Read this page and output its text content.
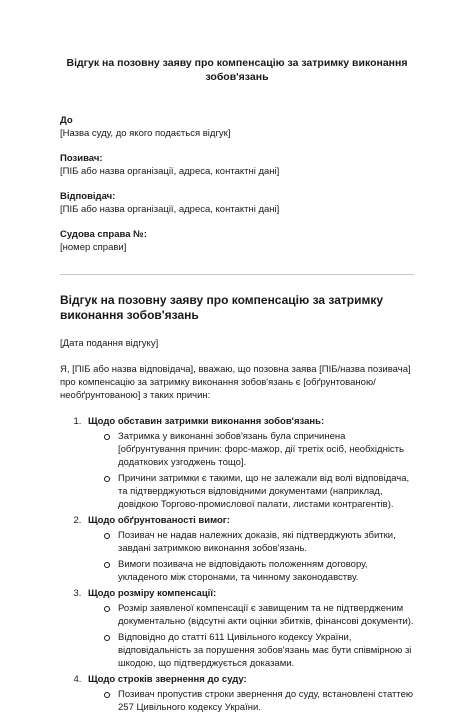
Відгук на позовну заяву про компенсацію за затримку виконання зобов'язань

До

[Назва суду, до якого подається відгук]

Позивач:

[ПІБ або назва організації, адреса, контактні дані]

Відповідач:

[ПІБ або назва організації, адреса, контактні дані]

Судова справа №:

[номер справи]

Відгук на позовну заяву про компенсацію за затримку виконання зобов'язань

[Дата подання відгуку]

Я, [ПІБ або назва відповідача], вважаю, що позовна заява [ПІБ/назва позивача] про компенсацію за затримку виконання зобов'язань є [обґрунтованою/необґрунтованою] з таких причин:

1. Щодо обставин затримки виконання зобов'язань:
Затримка у виконанні зобов'язань була спричинена [обґрунтування причин: форс-мажор, дії третіх осіб, необхідність додаткових узгоджень тощо].
Причини затримки є такими, що не залежали від волі відповідача, та підтверджуються відповідними документами (наприклад, довідкою Торгово-промислової палати, листами контрагентів).
2. Щодо обґрунтованості вимог:
Позивач не надав належних доказів, які підтверджують збитки, завдані затримкою виконання зобов'язань.
Вимоги позивача не відповідають положенням договору, укладеного між сторонами, та чинному законодавству.
3. Щодо розміру компенсації:
Розмір заявленої компенсації є завищеним та не підтвердженим документально (відсутні акти оцінки збитків, фінансові документи).
Відповідно до статті 611 Цивільного кодексу України, відповідальність за порушення зобов'язань має бути співмірною зі шкодою, що підтверджується доказами.
4. Щодо строків звернення до суду:
Позивач пропустив строки звернення до суду, встановлені статтею 257 Цивільного кодексу України.
